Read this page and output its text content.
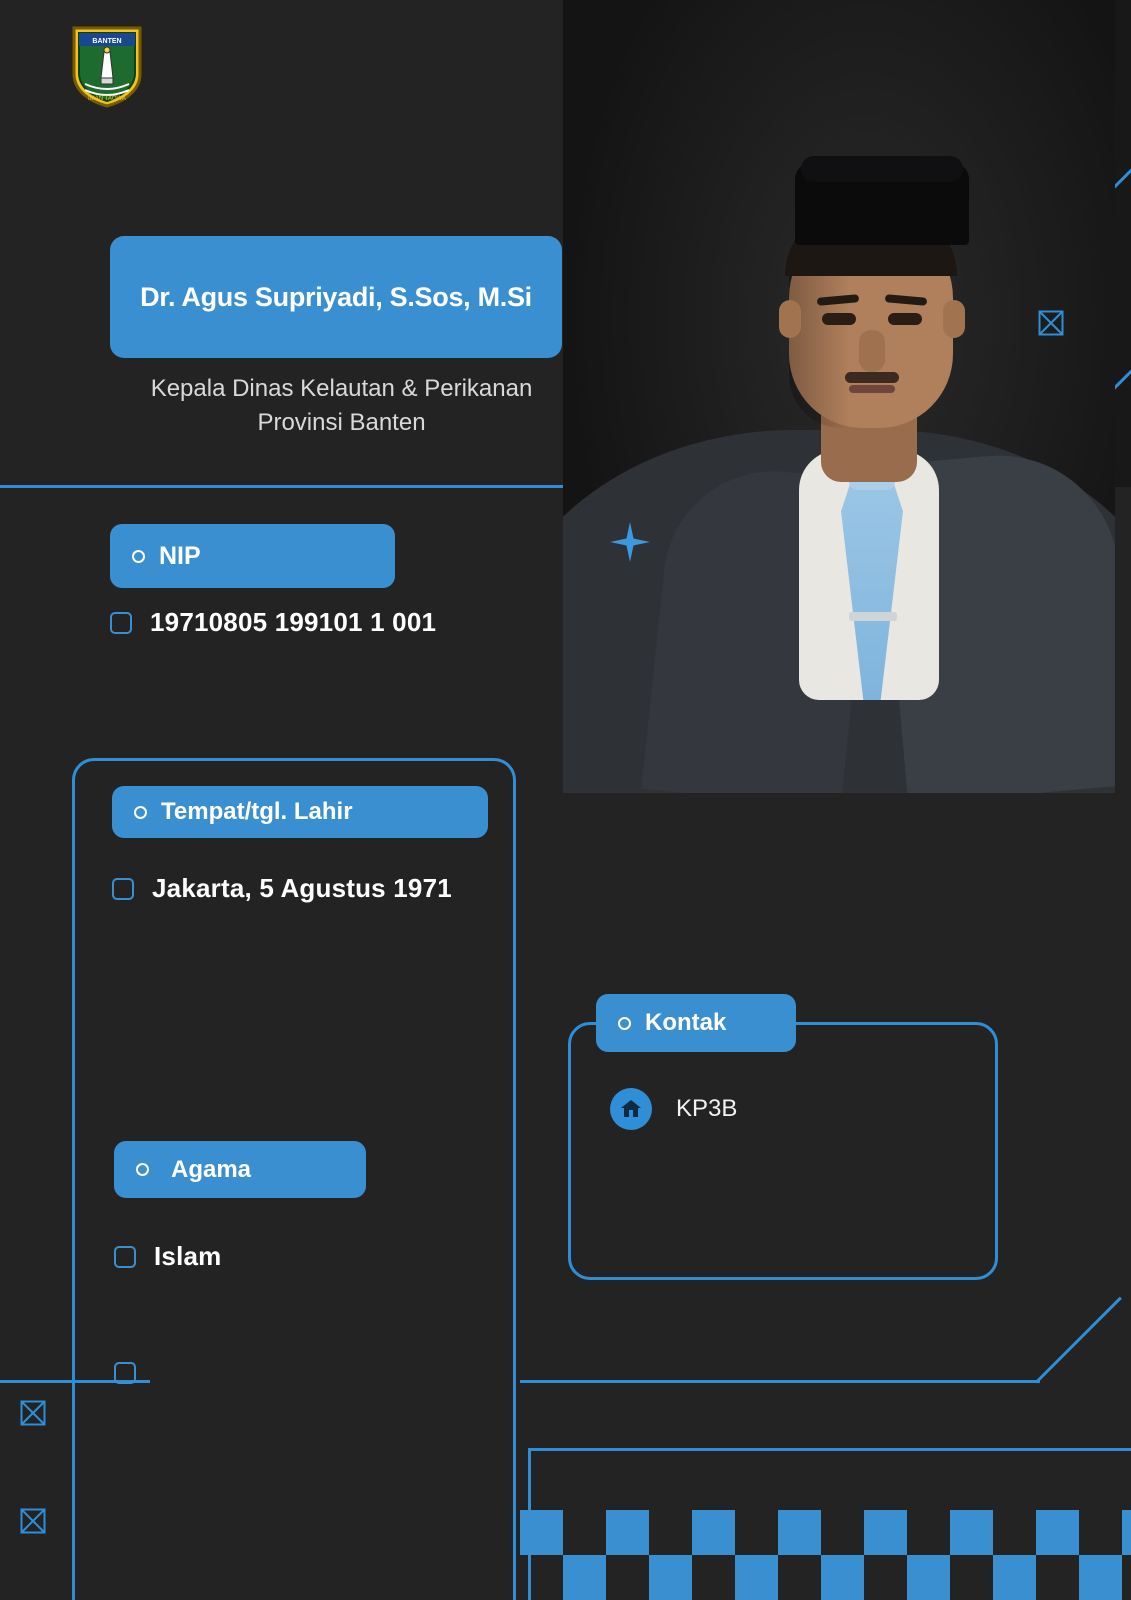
BANTEN
IMAN TAQWA
Dr. Agus Supriyadi, S.Sos, M.Si
Kepala Dinas Kelautan & Perikanan
Provinsi Banten
NIP
19710805 199101 1 001
Tempat/tgl. Lahir
Jakarta, 5 Agustus 1971
Agama
Islam
Kontak
KP3B
